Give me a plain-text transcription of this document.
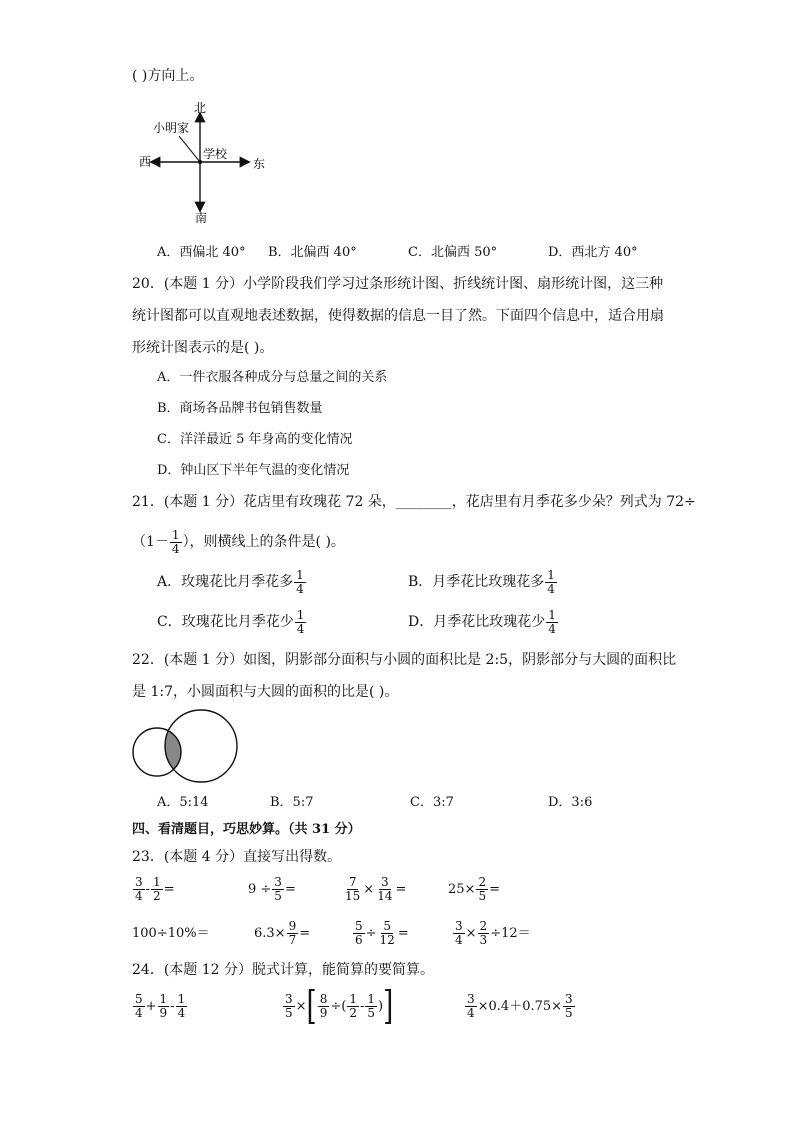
( )方向上。
北
南
西	东
小明家
学校
A．西偏北 40° B．北偏西 40°	C．北偏西 50°	D．西北方 40°
20．(本题 1 分）小学阶段我们学习过条形统计图、折线统计图、扇形统计图，这三种
统计图都可以直观地表述数据，使得数据的信息一目了然。下面四个信息中，适合用扇
形统计图表示的是( )。
A．一件衣服各种成分与总量之间的关系
B．商场各品牌书包销售数量
C．洋洋最近 5 年身高的变化情况
D．钟山区下半年气温的变化情况
21．(本题 1 分）花店里有玫瑰花 72 朵，________，花店里有月季花多少朵？列式为 72÷
（$1- \frac{1}{4}$ ），则横线上的条件是( )。
A．玫瑰花比月季花多 $\frac{1}{4}$	B．月季花比玫瑰花多 $\frac{1}{4}$
C．玫瑰花比月季花少 $\frac{1}{4}$	D．月季花比玫瑰花少 $\frac{1}{4}$
22．(本题 1 分）如图，阴影部分面积与小圆的面积比是 2:5，阴影部分与大圆的面积比
是 1:7，小圆面积与大圆的面积的比是( )。
A．5:14	B．5:7	C．3:7	D．3:6
四、看清题目，巧思妙算。（共 31 分）
23．(本题 4 分）直接写出得数。
$\frac{3}{4} - \frac{1}{2}$ =	$9 \div \frac{3}{5}$ =	$\frac{7}{15} \times \frac{3}{14}$ =	$25\times \frac{2}{5}$ =
100÷10%＝	$6.3\times \frac{9}{7}$ =	$\frac{5}{6} \div \frac{5}{12}$ =	$\frac{3}{4} \times \frac{2}{3} \div 12=$
24．(本题 12 分）脱式计算，能简算的要简算。
$\frac{5}{4} + \frac{1}{9} - \frac{1}{4}$	$\frac{3}{5}$ ×[ $\frac{8}{9}$ ÷( $\frac{1}{2} - \frac{1}{5}$ )]	$\frac{3}{4} \times 0.4+0.75\times \frac{3}{5}$
